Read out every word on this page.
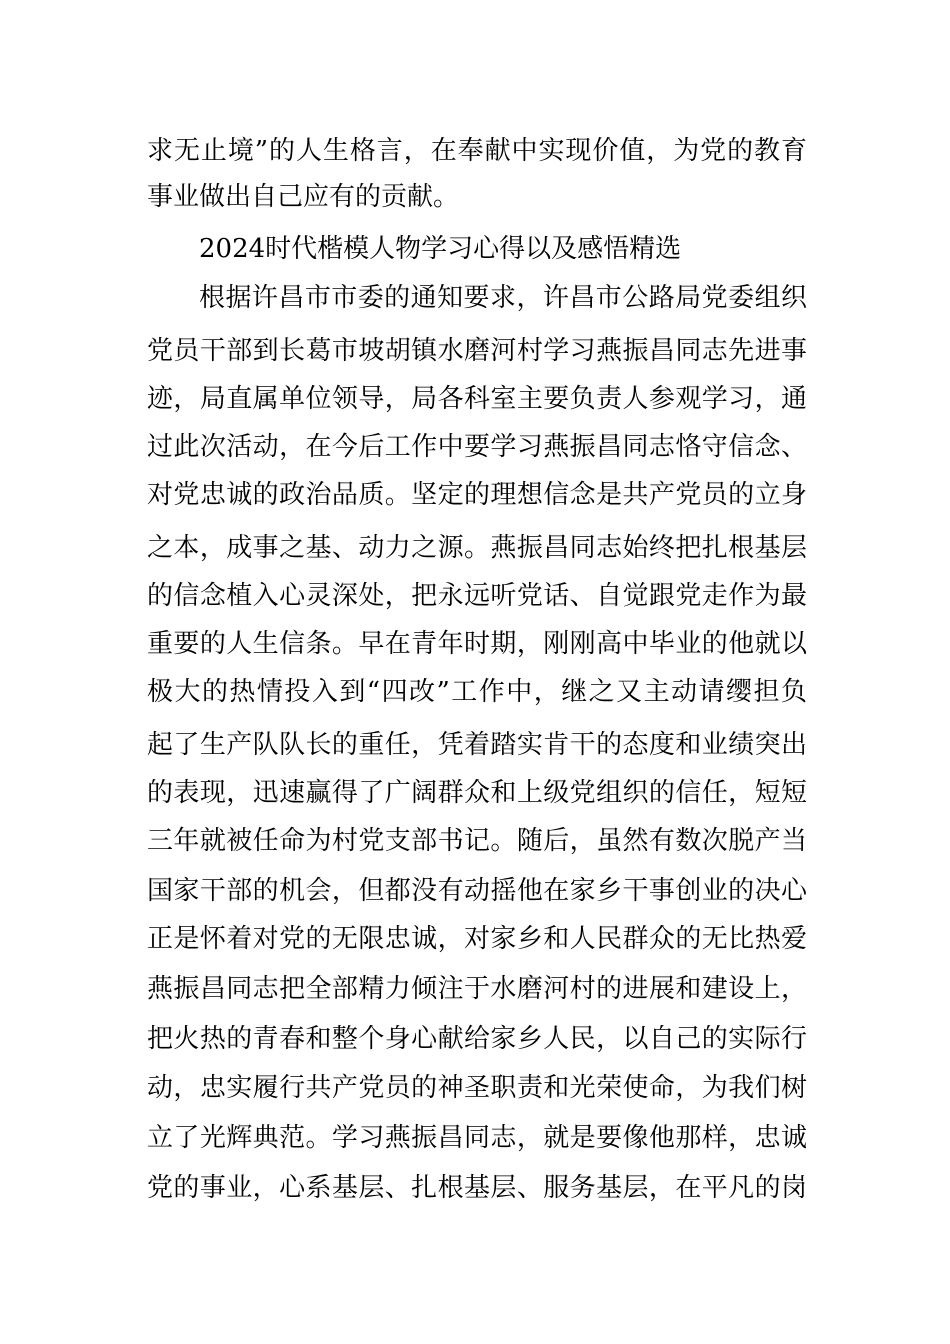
求无止境”的人生格言，在奉献中实现价值，为党的教育
事业做出自己应有的贡献。
2024时代楷模人物学习心得以及感悟精选
根据许昌市市委的通知要求，许昌市公路局党委组织
党员干部到长葛市坡胡镇水磨河村学习燕振昌同志先进事
迹，局直属单位领导，局各科室主要负责人参观学习，通
过此次活动，在今后工作中要学习燕振昌同志恪守信念、
对党忠诚的政治品质。坚定的理想信念是共产党员的立身
之本，成事之基、动力之源。燕振昌同志始终把扎根基层
的信念植入心灵深处，把永远听党话、自觉跟党走作为最
重要的人生信条。早在青年时期，刚刚高中毕业的他就以
极大的热情投入到“四改”工作中，继之又主动请缨担负
起了生产队队长的重任，凭着踏实肯干的态度和业绩突出
的表现，迅速赢得了广阔群众和上级党组织的信任，短短
三年就被任命为村党支部书记。随后，虽然有数次脱产当
国家干部的机会，但都没有动摇他在家乡干事创业的决心
正是怀着对党的无限忠诚，对家乡和人民群众的无比热爱
燕振昌同志把全部精力倾注于水磨河村的进展和建设上，
把火热的青春和整个身心献给家乡人民，以自己的实际行
动，忠实履行共产党员的神圣职责和光荣使命，为我们树
立了光辉典范。学习燕振昌同志，就是要像他那样，忠诚
党的事业，心系基层、扎根基层、服务基层，在平凡的岗
